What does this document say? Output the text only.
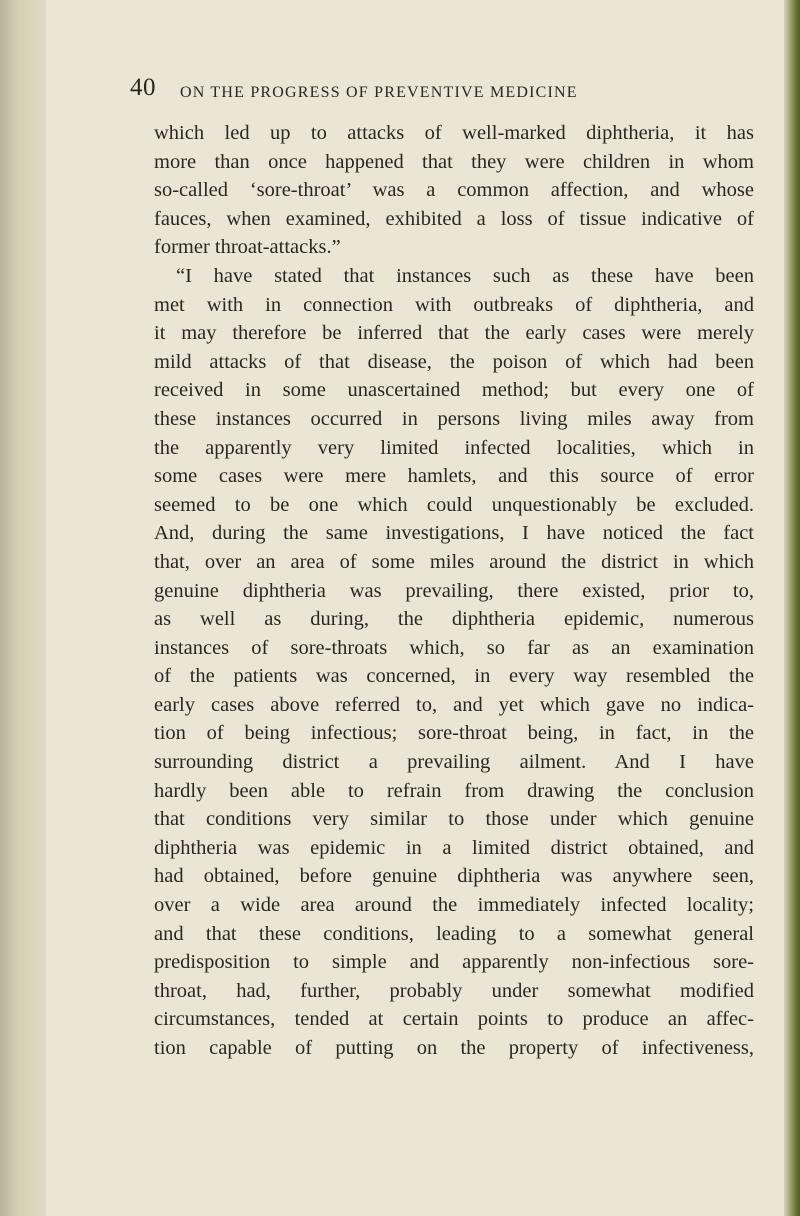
40 ON THE PROGRESS OF PREVENTIVE MEDICINE
which led up to attacks of well-marked diphtheria, it has
more than once happened that they were children in whom
so-called ‘sore-throat’ was a common affection, and whose
fauces, when examined, exhibited a loss of tissue indicative of
former throat-attacks.”
“I have stated that instances such as these have been
met with in connection with outbreaks of diphtheria, and
it may therefore be inferred that the early cases were merely
mild attacks of that disease, the poison of which had been
received in some unascertained method; but every one of
these instances occurred in persons living miles away from
the apparently very limited infected localities, which in
some cases were mere hamlets, and this source of error
seemed to be one which could unquestionably be excluded.
And, during the same investigations, I have noticed the fact
that, over an area of some miles around the district in which
genuine diphtheria was prevailing, there existed, prior to,
as well as during, the diphtheria epidemic, numerous
instances of sore-throats which, so far as an examination
of the patients was concerned, in every way resembled the
early cases above referred to, and yet which gave no indica-
tion of being infectious; sore-throat being, in fact, in the
surrounding district a prevailing ailment. And I have
hardly been able to refrain from drawing the conclusion
that conditions very similar to those under which genuine
diphtheria was epidemic in a limited district obtained, and
had obtained, before genuine diphtheria was anywhere seen,
over a wide area around the immediately infected locality;
and that these conditions, leading to a somewhat general
predisposition to simple and apparently non-infectious sore-
throat, had, further, probably under somewhat modified
circumstances, tended at certain points to produce an affec-
tion capable of putting on the property of infectiveness,
